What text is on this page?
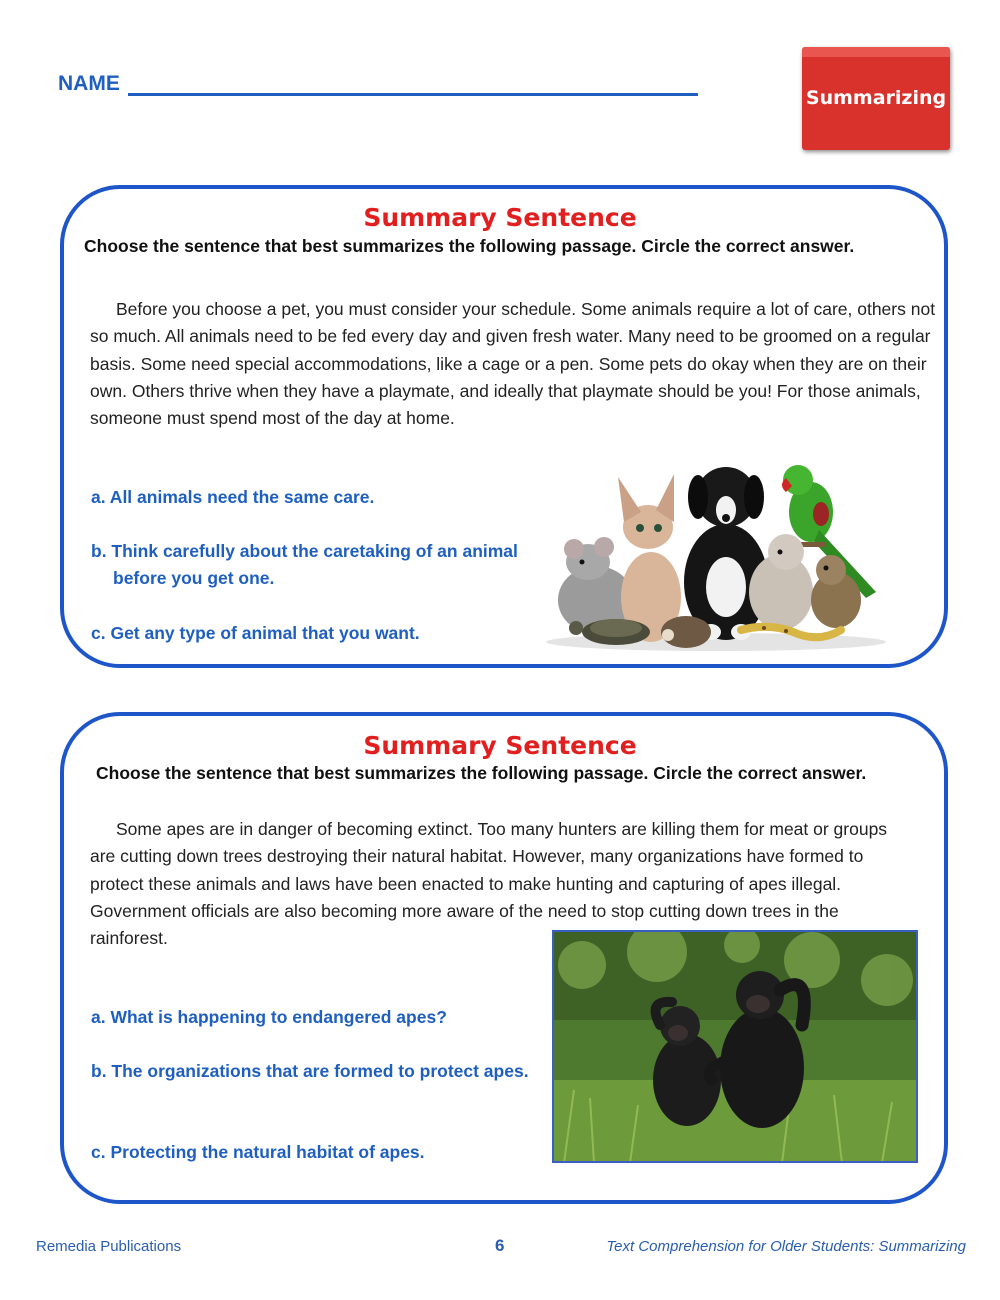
NAME
Summarizing
Summary Sentence
Choose the sentence that best summarizes the following passage. Circle the correct answer.
Before you choose a pet, you must consider your schedule. Some animals require a lot of care, others not so much. All animals need to be fed every day and given fresh water. Many need to be groomed on a regular basis. Some need special accommodations, like a cage or a pen. Some pets do okay when they are on their own. Others thrive when they have a playmate, and ideally that playmate should be you! For those animals, someone must spend most of the day at home.
a. All animals need the same care.
b. Think carefully about the caretaking of an animal before you get one.
c. Get any type of animal that you want.
Summary Sentence
Choose the sentence that best summarizes the following passage. Circle the correct answer.
Some apes are in danger of becoming extinct. Too many hunters are killing them for meat or groups are cutting down trees destroying their natural habitat. However, many organizations have formed to protect these animals and laws have been enacted to make hunting and capturing of apes illegal. Government officials are also becoming more aware of the need to stop cutting down trees in the rainforest.
a. What is happening to endangered apes?
b. The organizations that are formed to protect apes.
c. Protecting the natural habitat of apes.
Remedia Publications	6	Text Comprehension for Older Students: Summarizing
